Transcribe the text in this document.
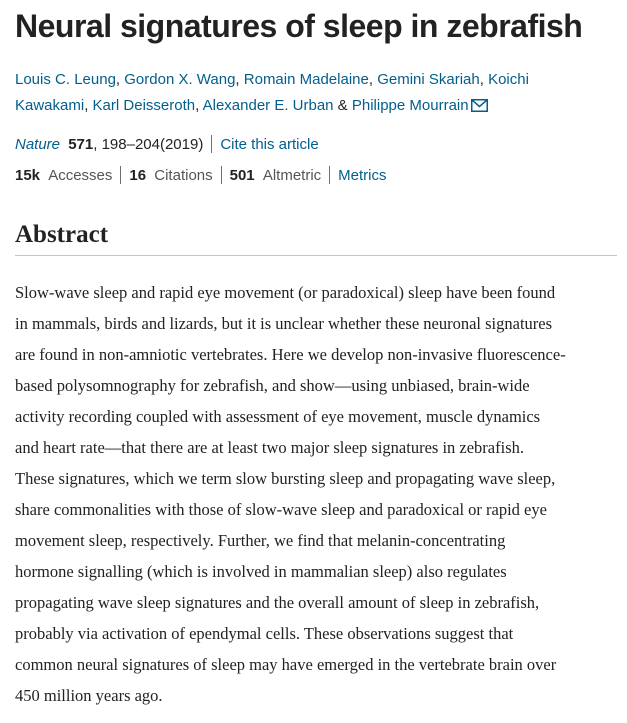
Neural signatures of sleep in zebrafish
Louis C. Leung, Gordon X. Wang, Romain Madelaine, Gemini Skariah, Koichi
Kawakami, Karl Deisseroth, Alexander E. Urban & Philippe Mourrain
Nature 571, 198–204(2019) Cite this article
15k Accesses 16 Citations 501 Altmetric Metrics
Abstract
Slow-wave sleep and rapid eye movement (or paradoxical) sleep have been found
in mammals, birds and lizards, but it is unclear whether these neuronal signatures
are found in non-amniotic vertebrates. Here we develop non-invasive fluorescence-
based polysomnography for zebrafish, and show—using unbiased, brain-wide
activity recording coupled with assessment of eye movement, muscle dynamics
and heart rate—that there are at least two major sleep signatures in zebrafish.
These signatures, which we term slow bursting sleep and propagating wave sleep,
share commonalities with those of slow-wave sleep and paradoxical or rapid eye
movement sleep, respectively. Further, we find that melanin-concentrating
hormone signalling (which is involved in mammalian sleep) also regulates
propagating wave sleep signatures and the overall amount of sleep in zebrafish,
probably via activation of ependymal cells. These observations suggest that
common neural signatures of sleep may have emerged in the vertebrate brain over
450 million years ago.
